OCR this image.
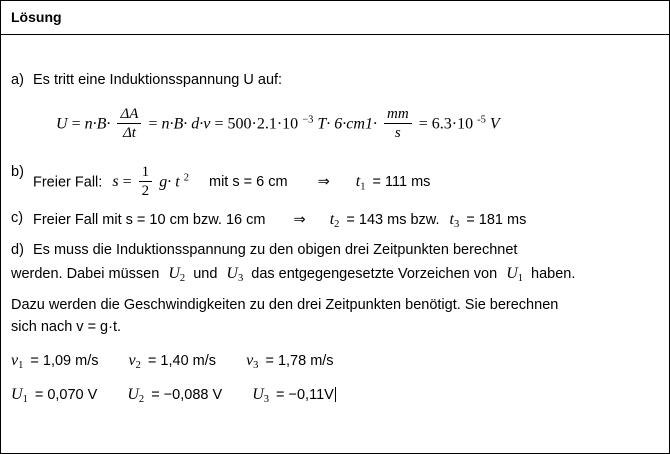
Lösung
a) Es tritt eine Induktionsspannung U auf:
$U = n\cdot B\cdot \frac{\Delta A}{\Delta t} = n\cdot B\cdot d\cdot v = 500\cdot 2.1\cdot 10$ $^{-3}$ $T\cdot 6\cdot cm1\cdot \frac{mm}{s} = 6.3\cdot 10$ $^{-5}$ V
b)
Freier Fall: $s = \frac{1}{2} g\cdot t$ $^2$ mit s = 6 cm ⇒ $t_1 = 111$ ms
c) Freier Fall mit s = 10 cm bzw. 16 cm ⇒ $t_2 = 143$ ms bzw. $t_3 = 181$ ms
d) Es muss die Induktionsspannung zu den obigen drei Zeitpunkten berechnet
werden. Dabei müssen $U_2$ und $U_3$ das entgegengesetzte Vorzeichen von $U_1$ haben.
Dazu werden die Geschwindigkeiten zu den drei Zeitpunkten benötigt. Sie berechnen
sich nach v = g·t.
$v_1 = 1,09$ m/s $v_2 = 1,40$ m/s $v_3 = 1,78$ m/s
$U_1 = 0,070$ V $U_2 = -0,088$ V $U_3 = -0,11V$
